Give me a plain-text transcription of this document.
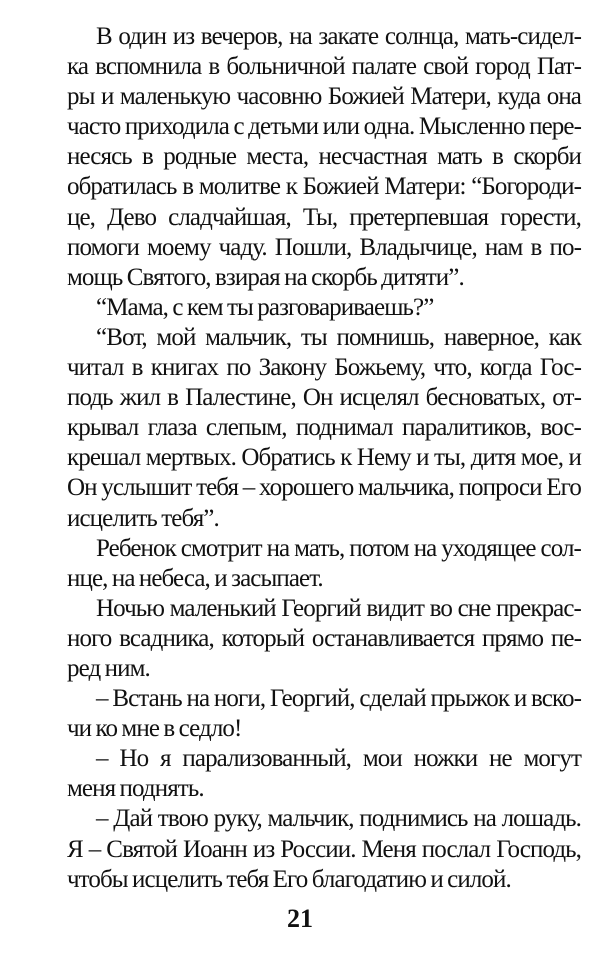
В один из вечеров, на закате солнца, мать-сидел-
ка вспомнила в больничной палате свой город Пат-
ры и маленькую часовню Божией Матери, куда она
часто приходила с детьми или одна. Мысленно пере-
несясь в родные места, несчастная мать в скорби
обратилась в молитве к Божией Матери: “Богороди-
це, Дево сладчайшая, Ты, претерпевшая горести,
помоги моему чаду. Пошли, Владычице, нам в по-
мощь Святого, взирая на скорбь дитяти”.
“Мама, с кем ты разговариваешь?”
“Вот, мой мальчик, ты помнишь, наверное, как
читал в книгах по Закону Божьему, что, когда Гос-
подь жил в Палестине, Он исцелял бесноватых, от-
крывал глаза слепым, поднимал паралитиков, вос-
крешал мертвых. Обратись к Нему и ты, дитя мое, и
Он услышит тебя – хорошего мальчика, попроси Его
исцелить тебя”.
Ребенок смотрит на мать, потом на уходящее сол-
нце, на небеса, и засыпает.
Ночью маленький Георгий видит во сне прекрас-
ного всадника, который останавливается прямо пе-
ред ним.
– Встань на ноги, Георгий, сделай прыжок и вско-
чи ко мне в седло!
– Но я парализованный, мои ножки не могут
меня поднять.
– Дай твою руку, мальчик, поднимись на лошадь.
Я – Святой Иоанн из России. Меня послал Господь,
чтобы исцелить тебя Его благодатию и силой.
21
